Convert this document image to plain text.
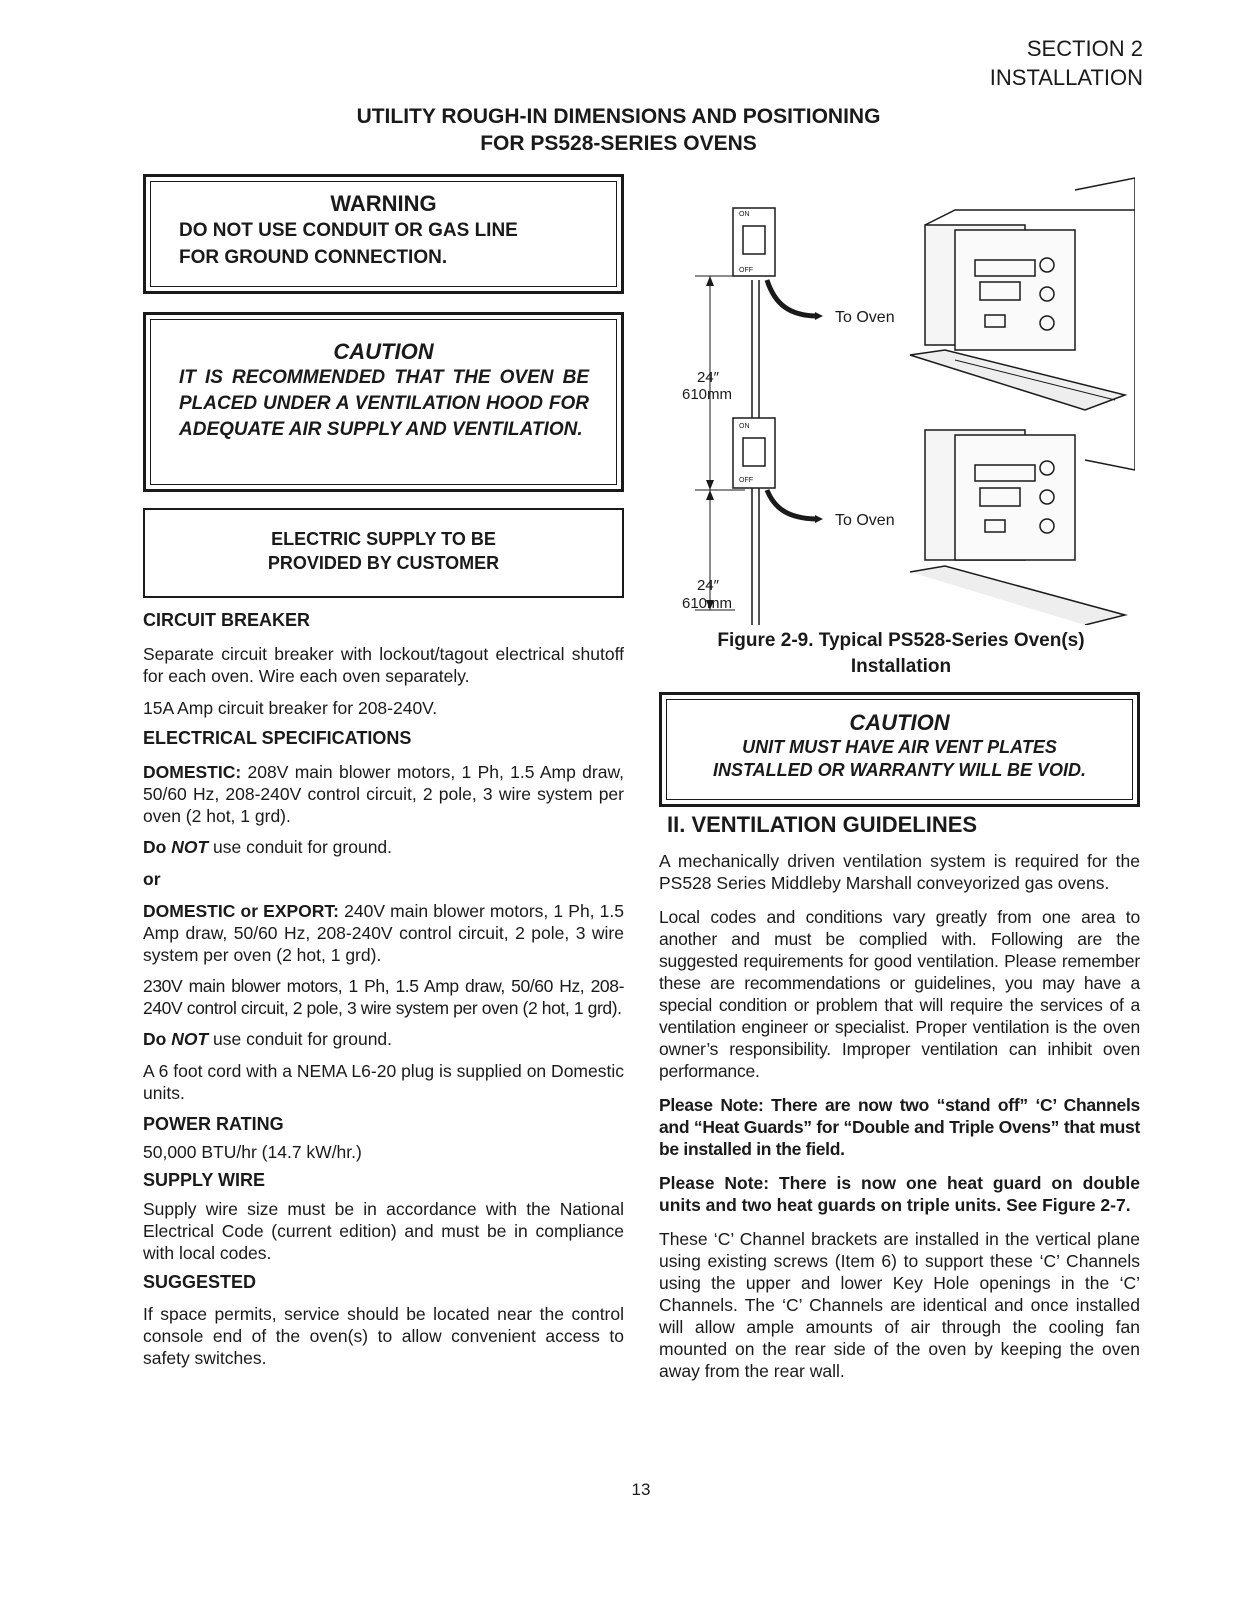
SECTION 2
INSTALLATION
UTILITY ROUGH-IN DIMENSIONS AND POSITIONING
FOR PS528-SERIES OVENS
WARNING
DO NOT USE CONDUIT OR GAS LINE
FOR GROUND CONNECTION.
CAUTION
IT IS RECOMMENDED THAT THE OVEN BE PLACED UNDER A VENTILATION HOOD FOR ADEQUATE AIR SUPPLY AND VENTILATION.
ELECTRIC SUPPLY TO BE
PROVIDED BY CUSTOMER

CIRCUIT BREAKER

Separate circuit breaker with lockout/tagout electrical shutoff for each oven. Wire each oven separately.

15A Amp circuit breaker for 208-240V.

ELECTRICAL SPECIFICATIONS

DOMESTIC: 208V main blower motors, 1 Ph, 1.5 Amp draw, 50/60 Hz, 208-240V control circuit, 2 pole, 3 wire system per oven (2 hot, 1 grd).

Do NOT use conduit for ground.

or

DOMESTIC or EXPORT: 240V main blower motors, 1 Ph, 1.5 Amp draw, 50/60 Hz, 208-240V control circuit, 2 pole, 3 wire system per oven (2 hot, 1 grd).

230V main blower motors, 1 Ph, 1.5 Amp draw, 50/60 Hz, 208-240V control circuit, 2 pole, 3 wire system per oven (2 hot, 1 grd).

Do NOT use conduit for ground.

A 6 foot cord with a NEMA L6-20 plug is supplied on Domestic units.

POWER RATING

50,000 BTU/hr (14.7 kW/hr.)

SUPPLY WIRE

Supply wire size must be in accordance with the National Electrical Code (current edition) and must be in compliance with local codes.

SUGGESTED

If space permits, service should be located near the control console end of the oven(s) to allow convenient access to safety switches.

ON
OFF
ON
OFF
To Oven
To Oven
24″
610mm
24″
610mm
Figure 2-9. Typical PS528-Series Oven(s)
Installation
CAUTION
UNIT MUST HAVE AIR VENT PLATES
INSTALLED OR WARRANTY WILL BE VOID.
II. VENTILATION GUIDELINES

A mechanically driven ventilation system is required for the PS528 Series Middleby Marshall conveyorized gas ovens.

Local codes and conditions vary greatly from one area to another and must be complied with. Following are the suggested requirements for good ventilation. Please remember these are recommendations or guidelines, you may have a special condition or problem that will require the services of a ventilation engineer or specialist. Proper ventilation is the oven owner’s responsibility. Improper ventilation can inhibit oven performance.

Please Note: There are now two “stand off” ‘C’ Channels and “Heat Guards” for “Double and Triple Ovens” that must be installed in the field.

Please Note: There is now one heat guard on double units and two heat guards on triple units. See Figure 2-7.

These ‘C’ Channel brackets are installed in the vertical plane using existing screws (Item 6) to support these ‘C’ Channels using the upper and lower Key Hole openings in the ‘C’ Channels. The ‘C’ Channels are identical and once installed will allow ample amounts of air through the cooling fan mounted on the rear side of the oven by keeping the oven away from the rear wall.

13
